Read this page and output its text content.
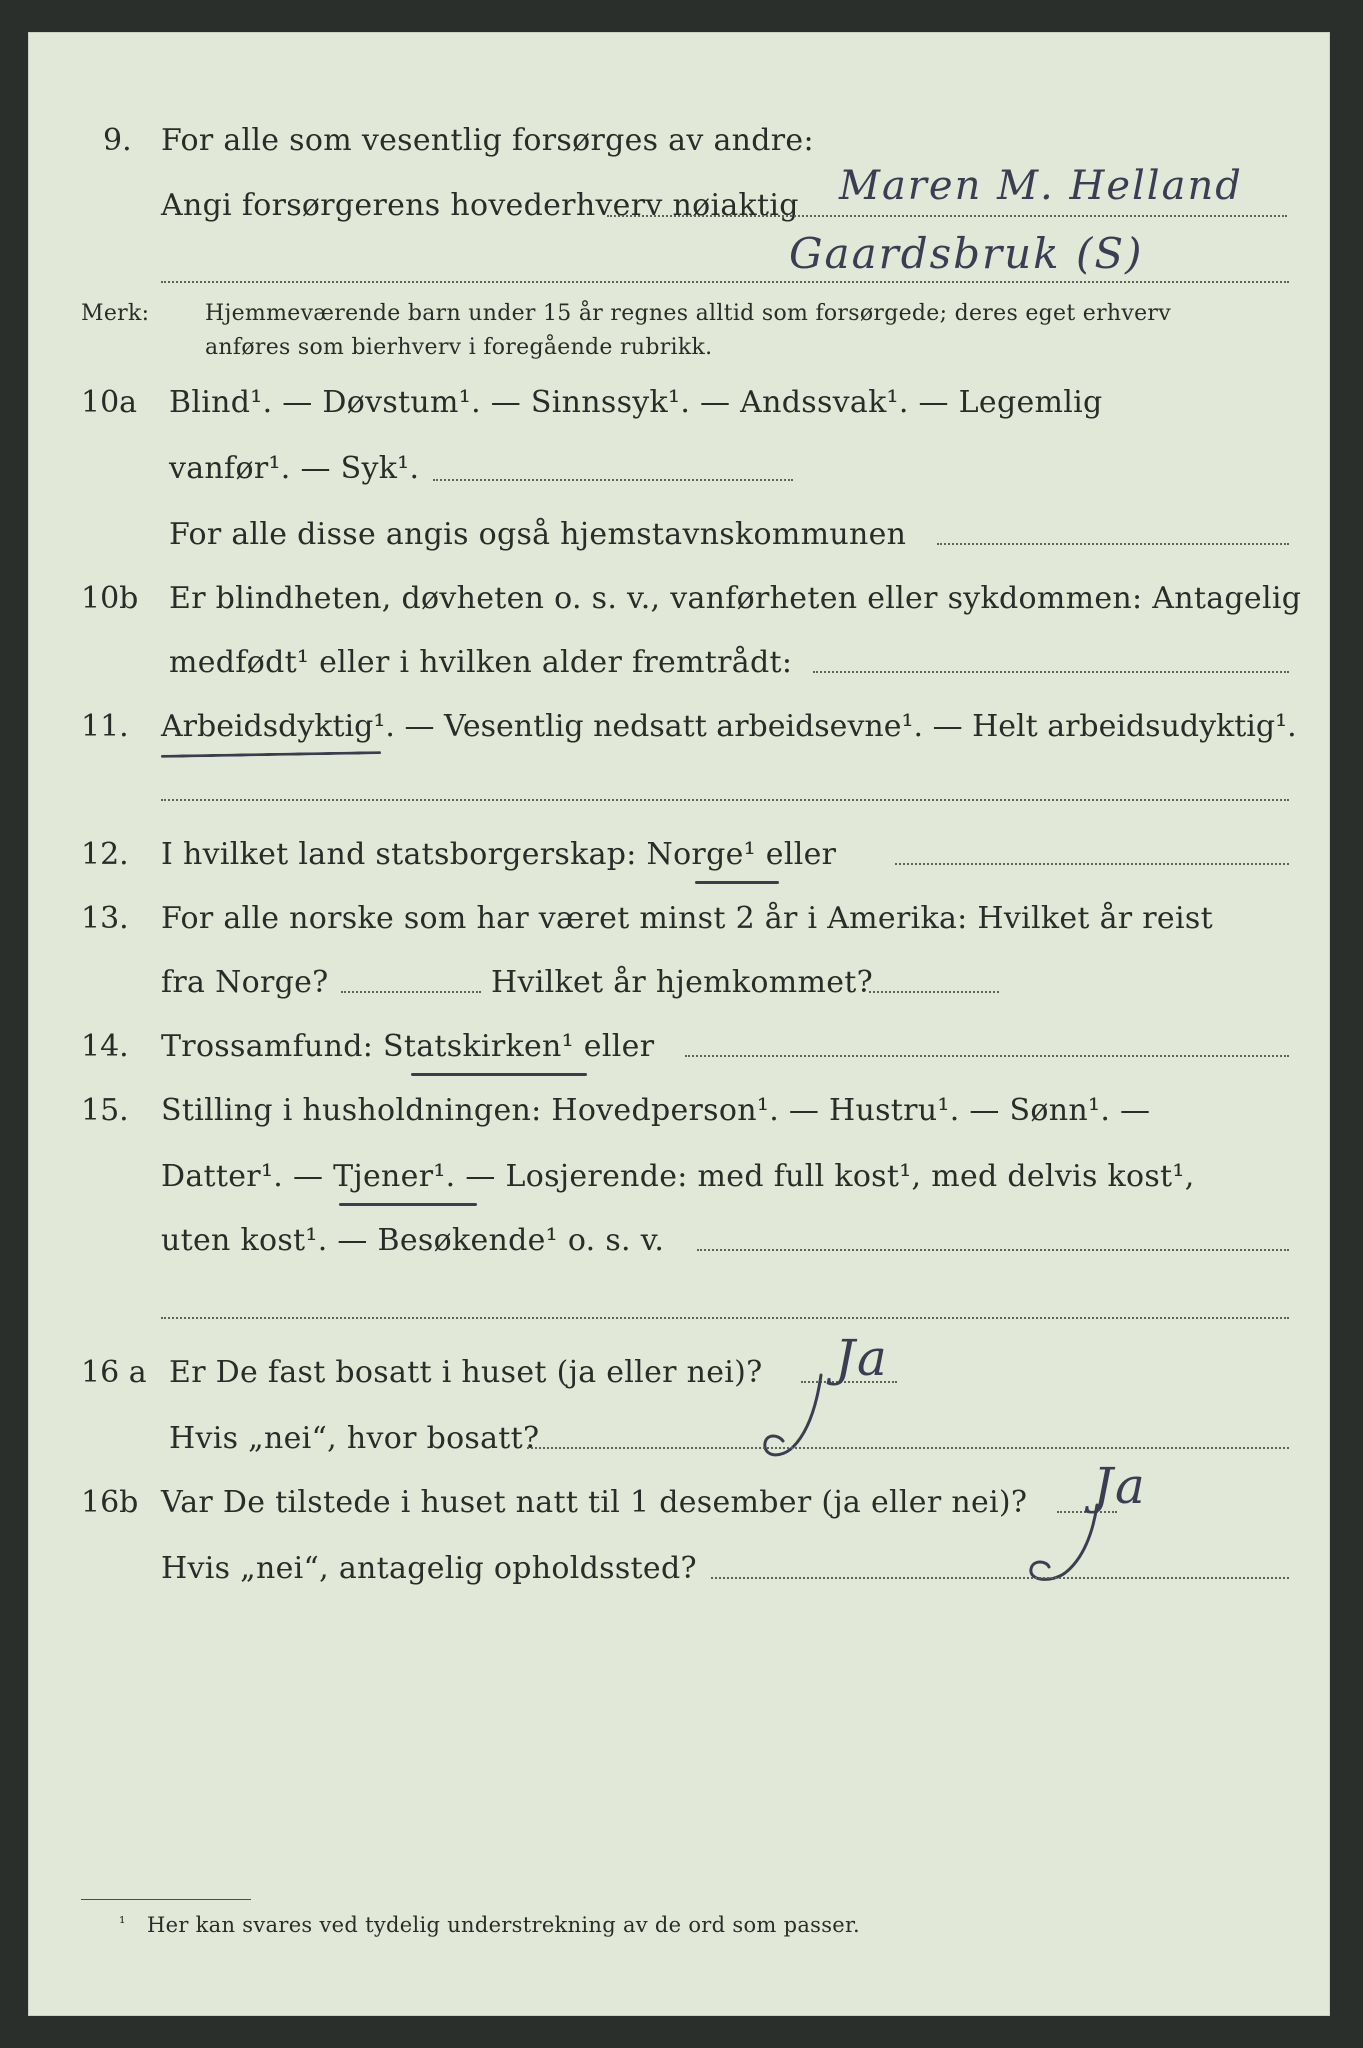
9. For alle som vesentlig forsørges av andre:
Angi forsørgerens hovederhverv nøiaktig Maren M. Helland
Gaardsbruk (S)
Merk:	Hjemmeværende barn under 15 år regnes alltid som forsørgede; deres eget erhverv
anføres som bierhverv i foregående rubrikk.
10a Blind¹. — Døvstum¹. — Sinnssyk¹. — Andssvak¹. — Legemlig
vanfør¹. — Syk¹.
For alle disse angis også hjemstavnskommunen
10b Er blindheten, døvheten o. s. v., vanførheten eller sykdommen: Antagelig
medfødt¹ eller i hvilken alder fremtrådt:
11. Arbeidsdyktig¹. — Vesentlig nedsatt arbeidsevne¹. — Helt arbeidsudyktig¹.
12. I hvilket land statsborgerskap: Norge¹ eller
13. For alle norske som har været minst 2 år i Amerika: Hvilket år reist
fra Norge?	Hvilket år hjemkommet?
14. Trossamfund: Statskirken¹ eller
15. Stilling i husholdningen: Hovedperson¹. — Hustru¹. — Sønn¹. —
Datter¹. — Tjener¹. — Losjerende: med full kost¹, med delvis kost¹,
uten kost¹. — Besøkende¹ o. s. v.
16 a Er De fast bosatt i huset (ja eller nei)? Ja
Hvis „nei“, hvor bosatt?
16b Var De tilstede i huset natt til 1 desember (ja eller nei)? Ja
Hvis „nei“, antagelig opholdssted?
¹ Her kan svares ved tydelig understrekning av de ord som passer.
